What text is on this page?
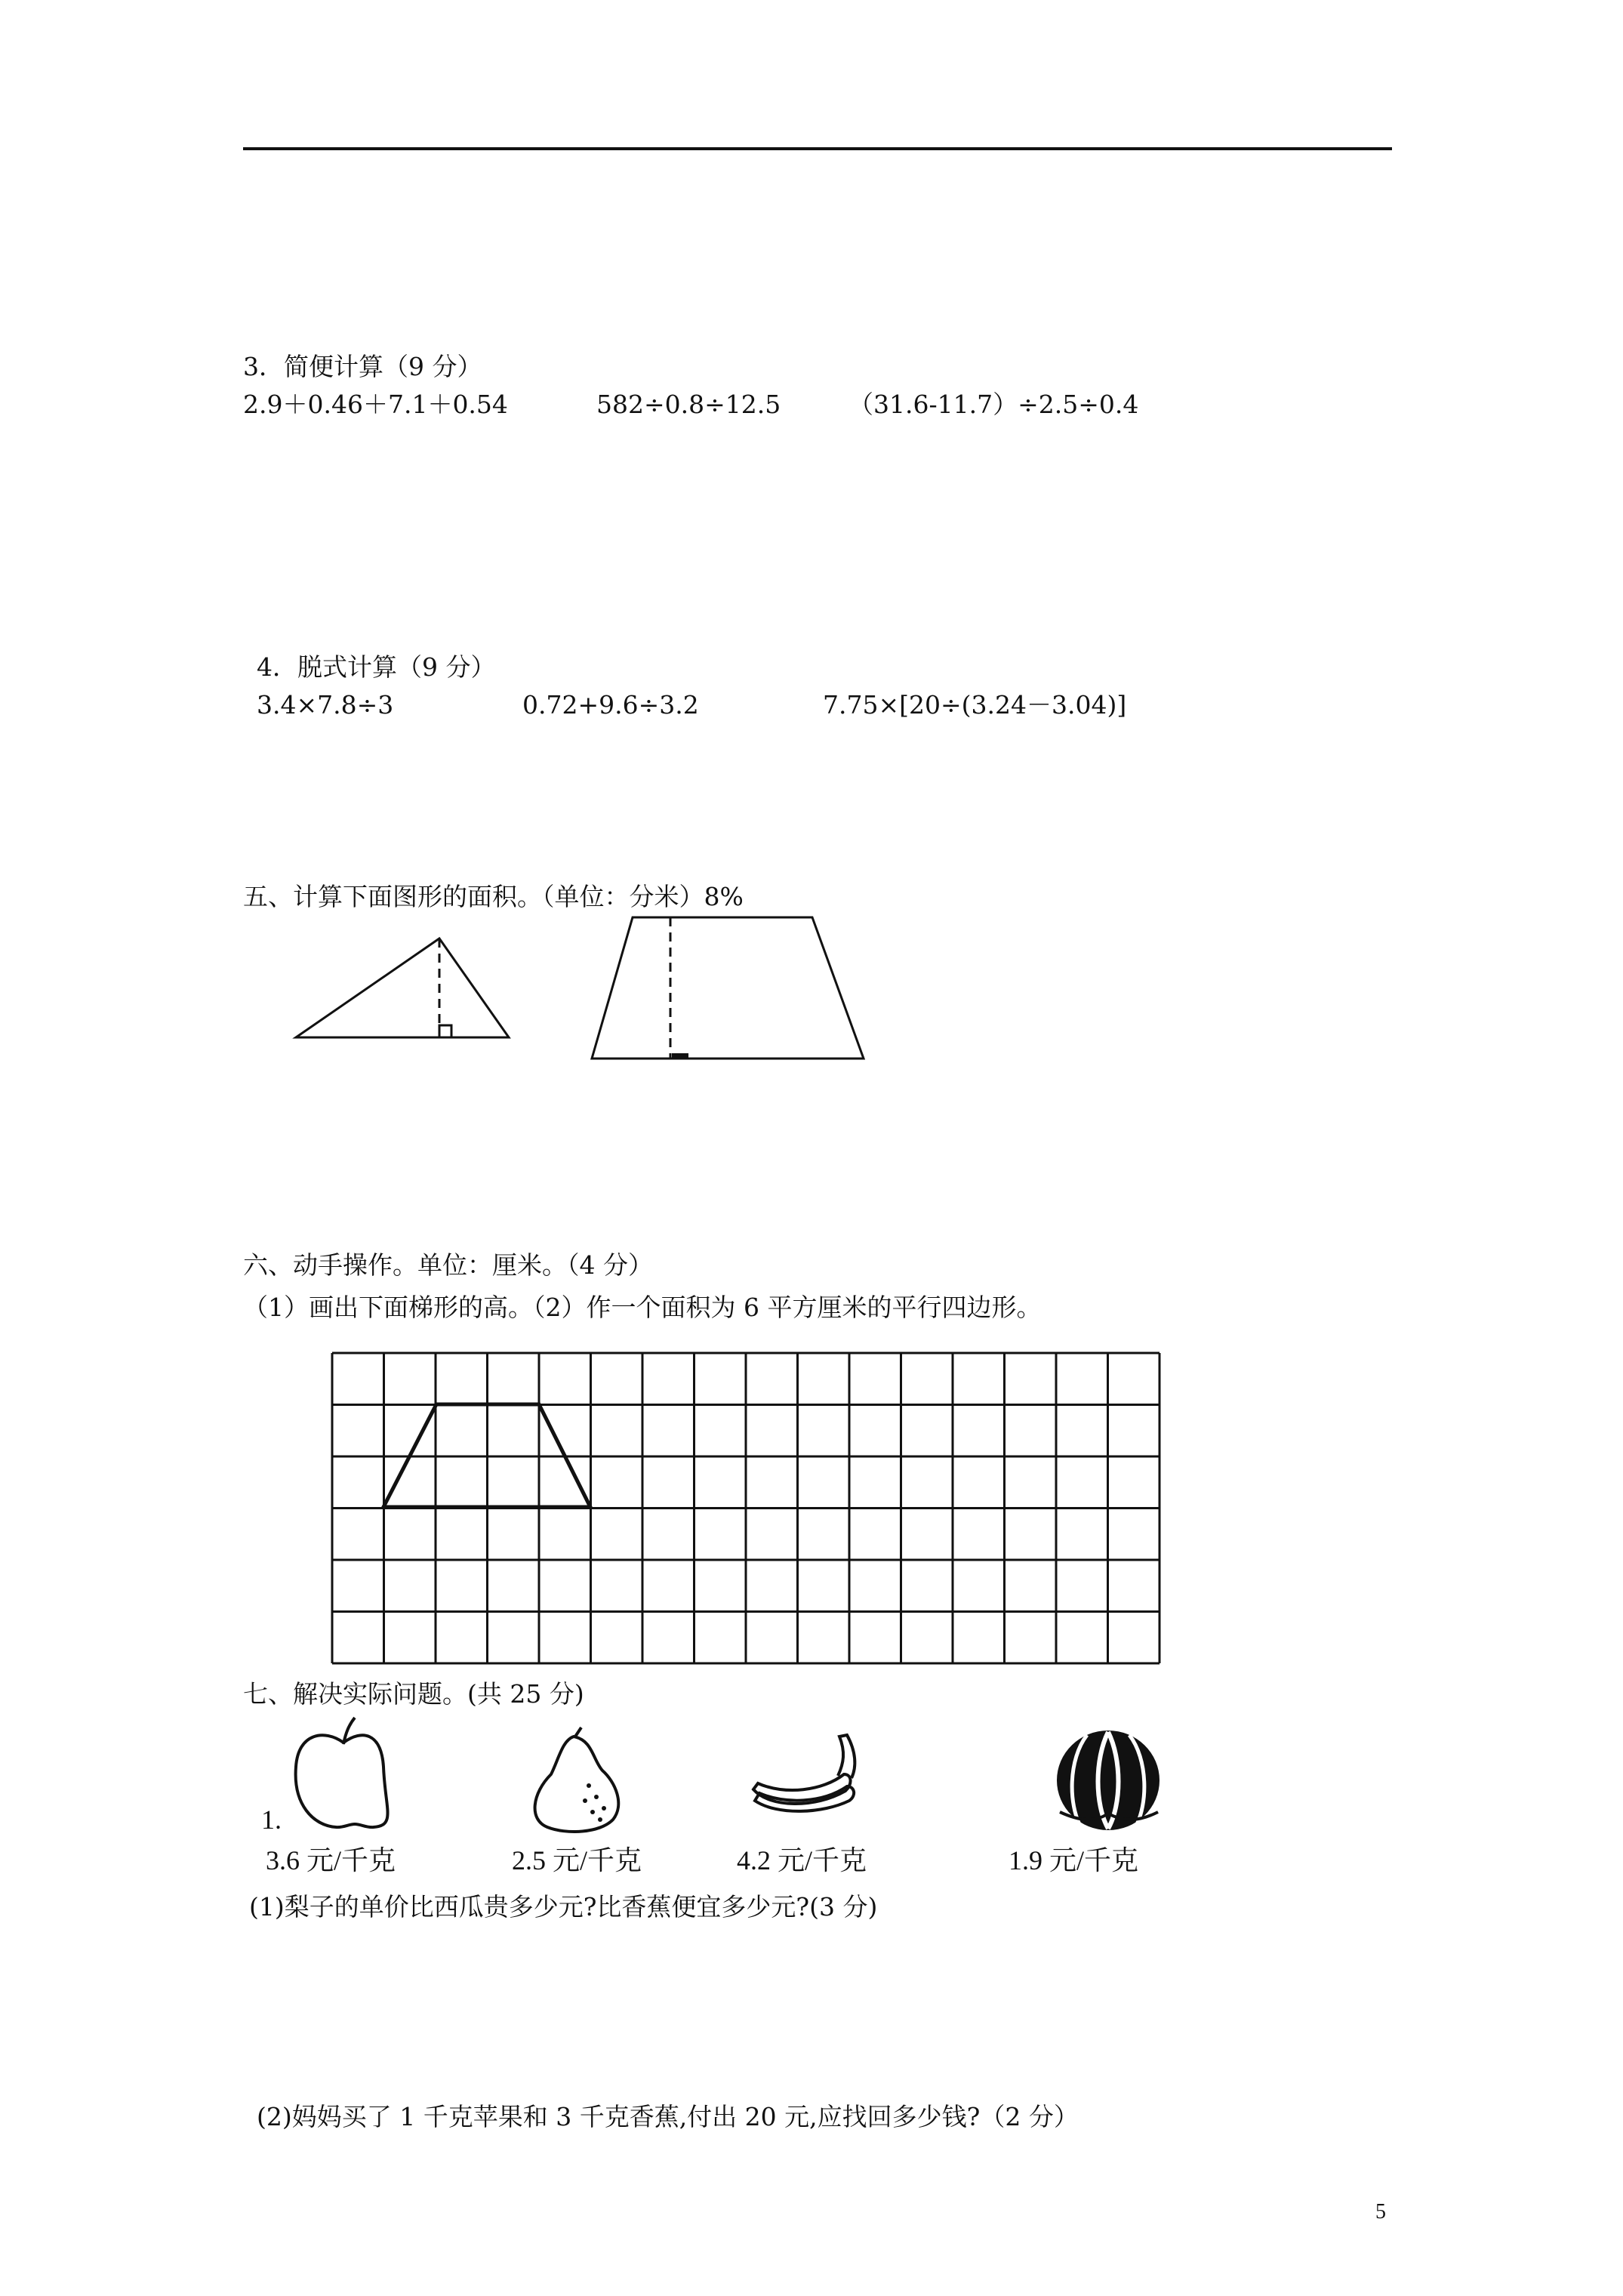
3．简便计算（9 分）
2.9＋0.46＋7.1＋0.54	582÷0.8÷12.5	（31.6-11.7）÷2.5÷0.4
4．脱式计算（9 分）
3.4×7.8÷3	0.72+9.6÷3.2	7.75×[20÷(3.24－3.04)]
五、计算下面图形的面积。（单位：分米）8%
六、动手操作。单位：厘米。（4 分）
（1）画出下面梯形的高。（2）作一个面积为 6 平方厘米的平行四边形。
七、解决实际问题。(共 25 分)
1.
3.6 元/千克	2.5 元/千克	4.2 元/千克	1.9 元/千克
(1)梨子的单价比西瓜贵多少元?比香蕉便宜多少元?(3 分)
(2)妈妈买了 1 千克苹果和 3 千克香蕉,付出 20 元,应找回多少钱?（2 分）
5
